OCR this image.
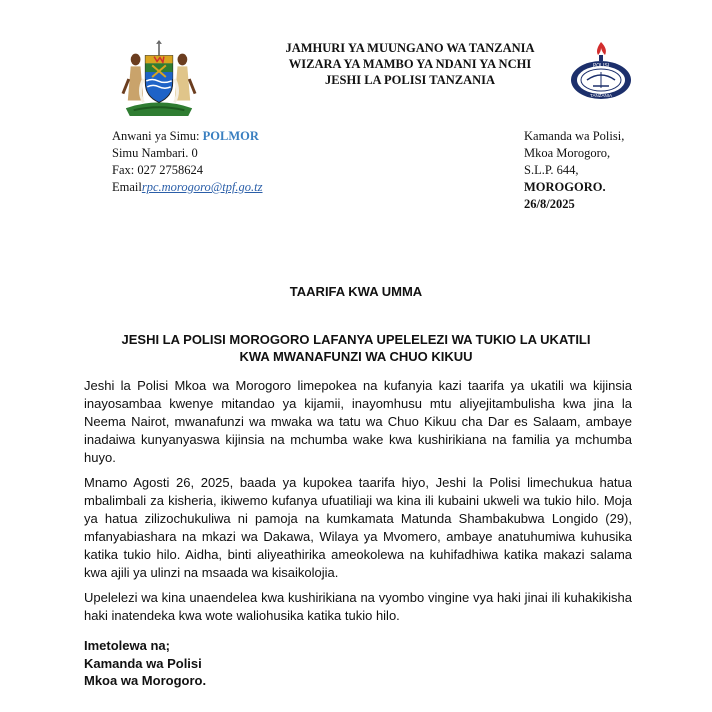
JAMHURI YA MUUNGANO WA TANZANIA
WIZARA YA MAMBO YA NDANI YA NCHI
JESHI LA POLISI TANZANIA
POLISI
TANZANIA
Anwani ya Simu: POLMOR
Simu Nambari. 0
Fax: 027 2758624
Emailrpc.morogoro@tpf.go.tz
Kamanda wa Polisi,
Mkoa Morogoro,
S.L.P. 644,
MOROGORO.
26/8/2025
TAARIFA KWA UMMA
JESHI LA POLISI MOROGORO LAFANYA UPELELEZI WA TUKIO LA UKATILI
KWA MWANAFUNZI WA CHUO KIKUU
Jeshi la Polisi Mkoa wa Morogoro limepokea na kufanyia kazi taarifa ya ukatili wa kijinsia inayosambaa kwenye mitandao ya kijamii, inayomhusu mtu aliyejitambulisha kwa jina la Neema Nairot, mwanafunzi wa mwaka wa tatu wa Chuo Kikuu cha Dar es Salaam, ambaye inadaiwa kunyanyaswa kijinsia na mchumba wake kwa kushirikiana na familia ya mchumba huyo.
Mnamo Agosti 26, 2025, baada ya kupokea taarifa hiyo, Jeshi la Polisi limechukua hatua mbalimbali za kisheria, ikiwemo kufanya ufuatiliaji wa kina ili kubaini ukweli wa tukio hilo. Moja ya hatua zilizochukuliwa ni pamoja na kumkamata Matunda Shambakubwa Longido (29), mfanyabiashara na mkazi wa Dakawa, Wilaya ya Mvomero, ambaye anatuhumiwa kuhusika katika tukio hilo. Aidha, binti aliyeathirika ameokolewa na kuhifadhiwa katika makazi salama kwa ajili ya ulinzi na msaada wa kisaikolojia.
Upelelezi wa kina unaendelea kwa kushirikiana na vyombo vingine vya haki jinai ili kuhakikisha haki inatendeka kwa wote waliohusika katika tukio hilo.
Imetolewa na;
Kamanda wa Polisi
Mkoa wa Morogoro.
